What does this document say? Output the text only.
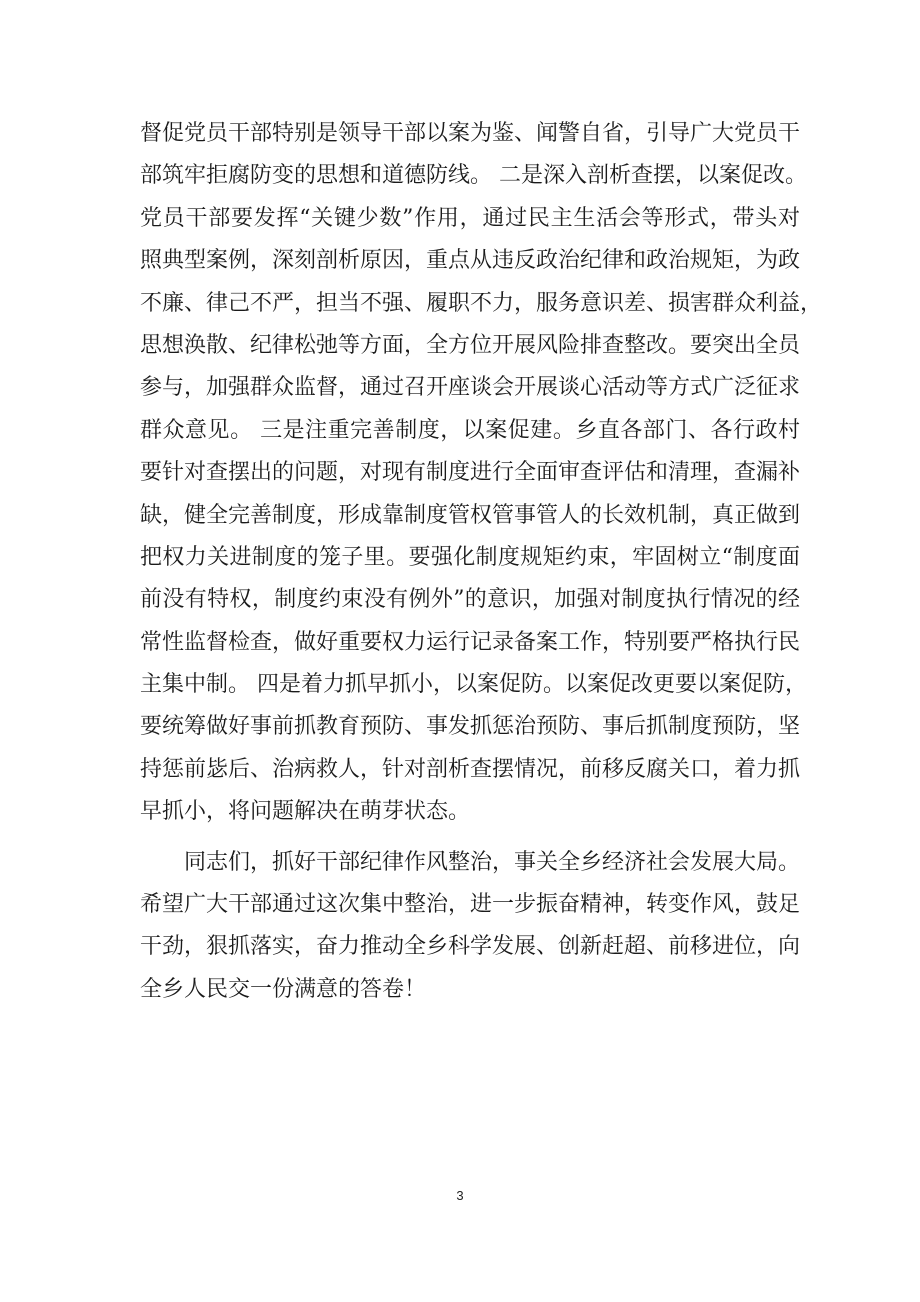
督促党员干部特别是领导干部以案为鉴、闻警自省，引导广大党员干
部筑牢拒腐防变的思想和道德防线。 二是深入剖析查摆，以案促改。
党员干部要发挥“关键少数”作用，通过民主生活会等形式，带头对
照典型案例，深刻剖析原因，重点从违反政治纪律和政治规矩，为政
不廉、律己不严，担当不强、履职不力，服务意识差、损害群众利益，
思想涣散、纪律松弛等方面，全方位开展风险排查整改。要突出全员
参与，加强群众监督，通过召开座谈会开展谈心活动等方式广泛征求
群众意见。 三是注重完善制度，以案促建。乡直各部门、各行政村
要针对查摆出的问题，对现有制度进行全面审查评估和清理，查漏补
缺，健全完善制度，形成靠制度管权管事管人的长效机制，真正做到
把权力关进制度的笼子里。要强化制度规矩约束，牢固树立“制度面
前没有特权，制度约束没有例外”的意识，加强对制度执行情况的经
常性监督检查，做好重要权力运行记录备案工作，特别要严格执行民
主集中制。 四是着力抓早抓小，以案促防。以案促改更要以案促防，
要统筹做好事前抓教育预防、事发抓惩治预防、事后抓制度预防，坚
持惩前毖后、治病救人，针对剖析查摆情况，前移反腐关口，着力抓
早抓小，将问题解决在萌芽状态。
　　同志们，抓好干部纪律作风整治，事关全乡经济社会发展大局。
希望广大干部通过这次集中整治，进一步振奋精神，转变作风，鼓足
干劲，狠抓落实，奋力推动全乡科学发展、创新赶超、前移进位，向
全乡人民交一份满意的答卷！
3
